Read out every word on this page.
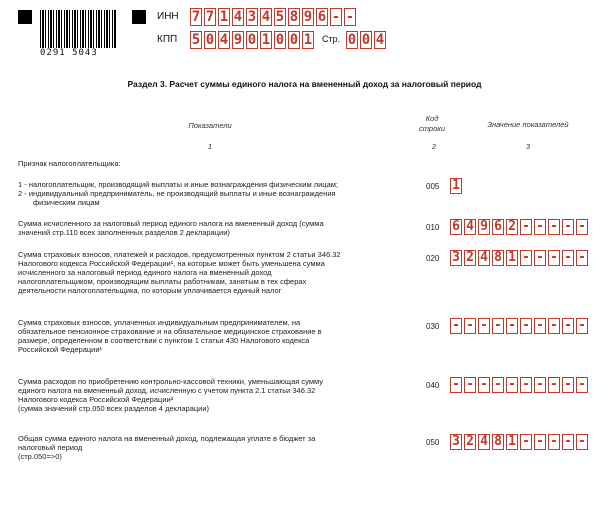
0291 5043
ИНН 7 7 1 4 3 4 5 8 9 6 - -
КПП 5 0 4 9 0 1 0 0 1 Стр. 0 0 4
Раздел 3. Расчет суммы единого налога на вмененный доход за налоговый период
Показатели
Код
строки	Значение показателей
1	2	3
Признак налогоплательщика:
1 - налогоплательщик, производящий выплаты и иные вознаграждения физическим лицам;
2 - индивидуальный предприниматель, не производящий выплаты и иные вознаграждения
физическим лицам
005 1
Сумма исчисленного за налоговый период единого налога на вмененный доход (сумма
значений стр.110 всех заполненных разделов 2 декларации)
010 6 4 9 6 2 - - - - -
Сумма страховых взносов, платежей и расходов, предусмотренных пунктом 2 статьи 346.32
Налогового кодекса Российской Федерации¹, на которые может быть уменьшена сумма
исчисленного за налоговый период единого налога на вмененный доход
налогоплательщиком, производящим выплаты работникам, занятым в тех сферах
деятельности налогоплательщика, по которым уплачивается единый налог
020 3 2 4 8 1 - - - - -
Сумма страховых взносов, уплаченных индивидуальным предпринимателем, на
обязательное пенсионное страхование и на обязательное медицинское страхование в
размере, определенном в соответствии с пунктом 1 статьи 430 Налогового кодекса
Российской Федерации¹
030 - - - - - - - - - -
Сумма расходов по приобретению контрольно-кассовой техники, уменьшающая сумму
единого налога на вмененный доход, исчисленную с учетом пункта 2.1 статьи 346.32
Налогового кодекса Российской Федерации²
(сумма значений стр.050 всех разделов 4 декларации)
040 - - - - - - - - - -
Общая сумма единого налога на вмененный доход, подлежащая уплате в бюджет за
налоговый период
(стр.050=>0)
050 3 2 4 8 1 - - - - -
